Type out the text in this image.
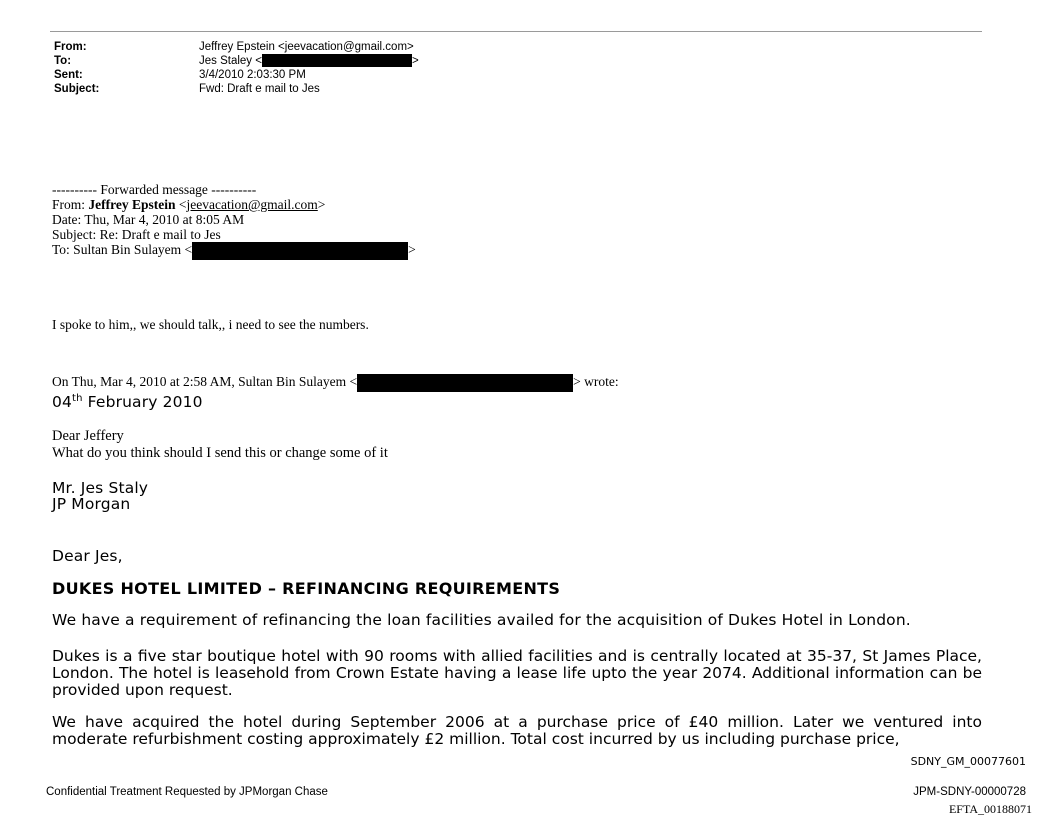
From:	Jeffrey Epstein <jeevacation@gmail.com>
To:	Jes Staley <	>
Sent:	3/4/2010 2:03:30 PM
Subject:	Fwd: Draft e mail to Jes
---------- Forwarded message ----------
From: Jeffrey Epstein <jeevacation@gmail.com>
Date: Thu, Mar 4, 2010 at 8:05 AM
Subject: Re: Draft e mail to Jes
To: Sultan Bin Sulayem <	>
I spoke to him,, we should talk,, i need to see the numbers.
On Thu, Mar 4, 2010 at 2:58 AM, Sultan Bin Sulayem <	> wrote:
04th February 2010
Dear Jeffery
What do you think should I send this or change some of it
Mr. Jes Staly
JP Morgan
Dear Jes,
DUKES HOTEL LIMITED – REFINANCING REQUIREMENTS
We have a requirement of refinancing the loan facilities availed for the acquisition of Dukes Hotel in London.
Dukes is a five star boutique hotel with 90 rooms with allied facilities and is centrally located at 35-37, St James Place, London. The hotel is leasehold from Crown Estate having a lease life upto the year 2074. Additional information can be provided upon request.
We have acquired the hotel during September 2006 at a purchase price of £40 million. Later we ventured into moderate refurbishment costing approximately £2 million. Total cost incurred by us including purchase price,
SDNY_GM_00077601
Confidential Treatment Requested by JPMorgan Chase	JPM-SDNY-00000728
EFTA_00188071
